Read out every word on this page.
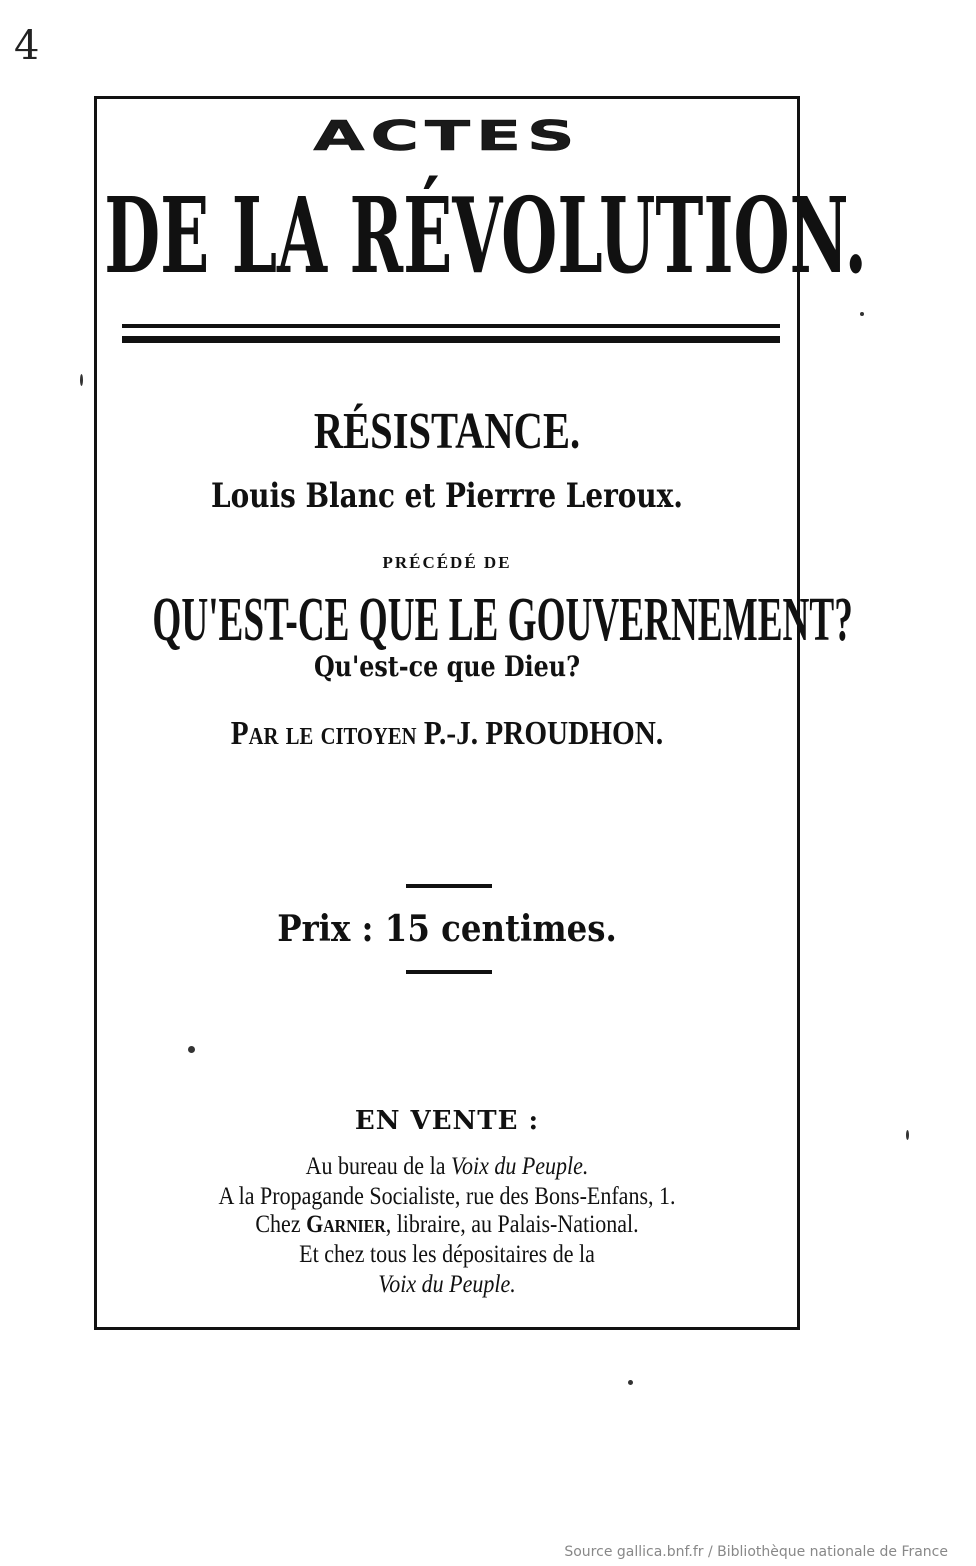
4
ACTES
DE LA RÉVOLUTION.
RÉSISTANCE.
Louis Blanc et Pierrre Leroux.
PRÉCÉDÉ DE
QU'EST-CE QUE LE GOUVERNEMENT?
Qu'est-ce que Dieu?
Par le citoyen P.-J. PROUDHON.
Prix : 15 centimes.
EN VENTE :
Au bureau de la Voix du Peuple.
A la Propagande Socialiste, rue des Bons-Enfans, 1.
Chez Garnier, libraire, au Palais-National.
Et chez tous les dépositaires de la
Voix du Peuple.
Source gallica.bnf.fr / Bibliothèque nationale de France
